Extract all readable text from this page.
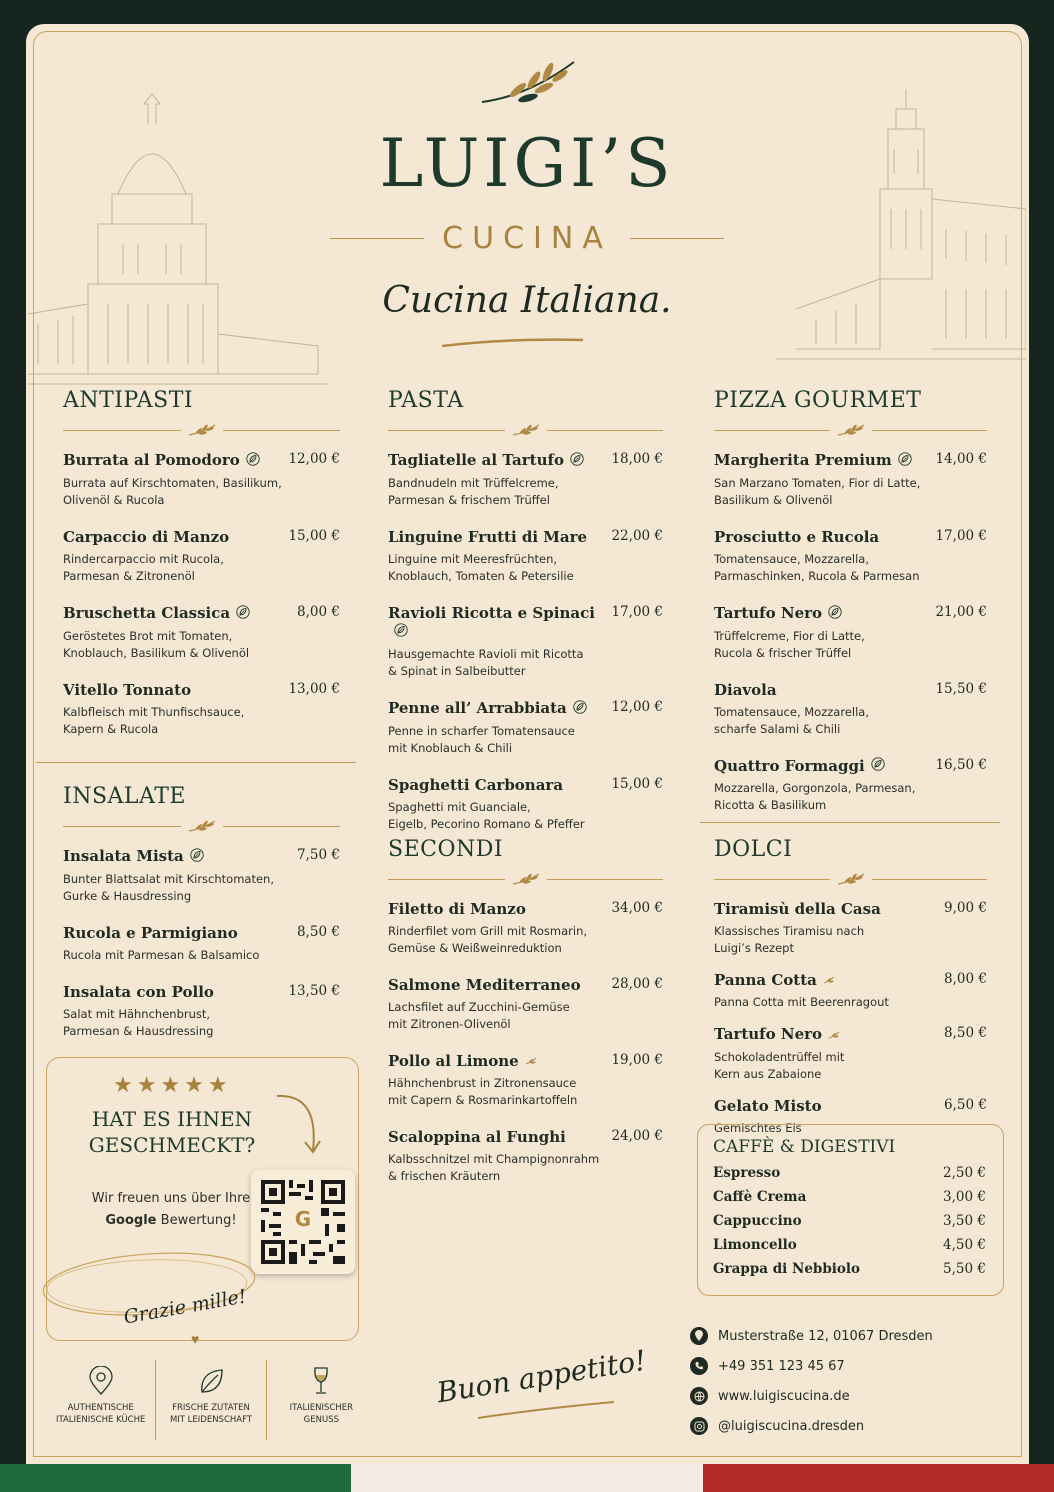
LUIGI’S
CUCINA
Cucina Italiana.
ANTIPASTI
Burrata al Pomodoro	12,00 €
Burrata auf Kirschtomaten, Basilikum,
Olivenöl & Rucola
Carpaccio di Manzo	15,00 €
Rindercarpaccio mit Rucola,
Parmesan & Zitronenöl
Bruschetta Classica	8,00 €
Geröstetes Brot mit Tomaten,
Knoblauch, Basilikum & Olivenöl
Vitello Tonnato	13,00 €
Kalbfleisch mit Thunfischsauce,
Kapern & Rucola
INSALATE
Insalata Mista	7,50 €
Bunter Blattsalat mit Kirschtomaten,
Gurke & Hausdressing
Rucola e Parmigiano	8,50 €
Rucola mit Parmesan & Balsamico
Insalata con Pollo	13,50 €
Salat mit Hähnchenbrust,
Parmesan & Hausdressing
★★★★★
HAT ES IHNEN
GESCHMECKT?
Wir freuen uns über Ihre
Google Bewertung!	G
Grazie mille!
♥
AUTHENTISCHE
ITALIENISCHE KÜCHE
FRISCHE ZUTATEN
MIT LEIDENSCHAFT
ITALIENISCHER
GENUSS
PASTA
Tagliatelle al Tartufo	18,00 €
Bandnudeln mit Trüffelcreme,
Parmesan & frischem Trüffel
Linguine Frutti di Mare 22,00 €
Linguine mit Meeresfrüchten,
Knoblauch, Tomaten & Petersilie
Ravioli Ricotta e Spinaci	17,00 €
Hausgemachte Ravioli mit Ricotta
& Spinat in Salbeibutter
Penne all’ Arrabbiata	12,00 €
Penne in scharfer Tomatensauce
mit Knoblauch & Chili
Spaghetti Carbonara	15,00 €
Spaghetti mit Guanciale,
Eigelb, Pecorino Romano & Pfeffer
SECONDI
Filetto di Manzo	34,00 €
Rinderfilet vom Grill mit Rosmarin,
Gemüse & Weißweinreduktion
Salmone Mediterraneo 28,00 €
Lachsfilet auf Zucchini-Gemüse
mit Zitronen-Olivenöl
Pollo al Limone	19,00 €
Hähnchenbrust in Zitronensauce
mit Capern & Rosmarinkartoffeln
Scaloppina al Funghi	24,00 €
Kalbsschnitzel mit Champignonrahm
& frischen Kräutern
Buon appetito!
PIZZA GOURMET
Margherita Premium	14,00 €
San Marzano Tomaten, Fior di Latte,
Basilikum & Olivenöl
Prosciutto e Rucola	17,00 €
Tomatensauce, Mozzarella,
Parmaschinken, Rucola & Parmesan
Tartufo Nero	21,00 €
Trüffelcreme, Fior di Latte,
Rucola & frischer Trüffel
Diavola	15,50 €
Tomatensauce, Mozzarella,
scharfe Salami & Chili
Quattro Formaggi	16,50 €
Mozzarella, Gorgonzola, Parmesan,
Ricotta & Basilikum
DOLCI
Tiramisù della Casa	9,00 €
Klassisches Tiramisu nach
Luigi’s Rezept
Panna Cotta	8,00 €
Panna Cotta mit Beerenragout
Tartufo Nero	8,50 €
Schokoladentrüffel mit
Kern aus Zabaione
Gelato Misto	6,50 €
Gemischtes Eis
CAFFÈ & DIGESTIVI
Espresso	2,50 €
Caffè Crema	3,00 €
Cappuccino	3,50 €
Limoncello	4,50 €
Grappa di Nebbiolo	5,50 €
Musterstraße 12, 01067 Dresden
+49 351 123 45 67
www.luigiscucina.de
@luigiscucina.dresden
